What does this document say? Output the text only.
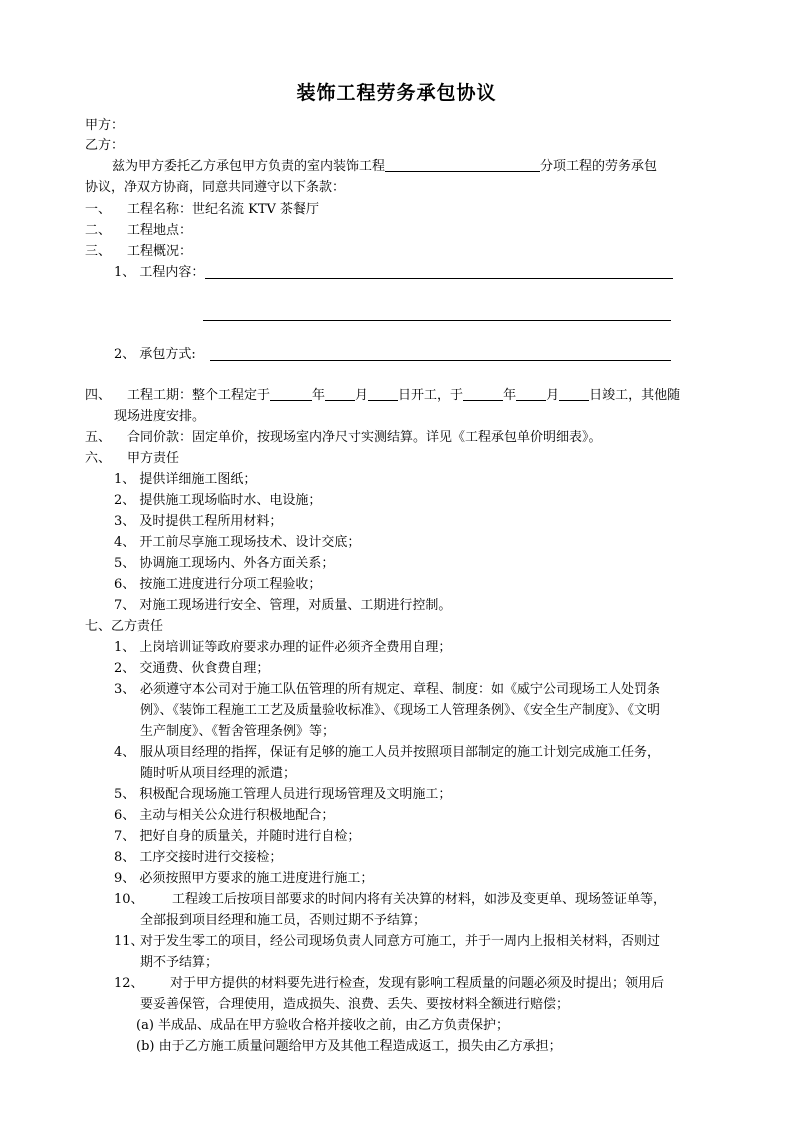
装饰工程劳务承包协议
甲方：
乙方：
兹为甲方委托乙方承包甲方负责的室内装饰工程	分项工程的劳务承包
协议，净双方协商，同意共同遵守以下条款：
一、 工程名称：世纪名流 KTV 茶餐厅
二、 工程地点：
三、 工程概况：
1、 工程内容：
2、 承包方式:
四、 工程工期：整个工程定于	年 月 日开工，于	年 月 日竣工，其他随
现场进度安排。
五、 合同价款：固定单价，按现场室内净尺寸实测结算。详见《工程承包单价明细表》。
六、 甲方责任
1、 提供详细施工图纸；
2、 提供施工现场临时水、电设施；
3、 及时提供工程所用材料；
4、 开工前尽享施工现场技术、设计交底；
5、 协调施工现场内、外各方面关系；
6、 按施工进度进行分项工程验收；
7、 对施工现场进行安全、管理，对质量、工期进行控制。
七、乙方责任
1、 上岗培训证等政府要求办理的证件必须齐全费用自理；
2、 交通费、伙食费自理；
3、 必须遵守本公司对于施工队伍管理的所有规定、章程、制度：如《威宁公司现场工人处罚条
例》、《装饰工程施工工艺及质量验收标准》、《现场工人管理条例》、《安全生产制度》、《文明
生产制度》、《暂舍管理条例》等；
4、 服从项目经理的指挥，保证有足够的施工人员并按照项目部制定的施工计划完成施工任务，
随时听从项目经理的派遣；
5、 积极配合现场施工管理人员进行现场管理及文明施工；
6、 主动与相关公众进行积极地配合；
7、 把好自身的质量关，并随时进行自检；
8、 工序交接时进行交接检；
9、 必须按照甲方要求的施工进度进行施工；
10、 工程竣工后按项目部要求的时间内将有关决算的材料，如涉及变更单、现场签证单等，
全部报到项目经理和施工员，否则过期不予结算；
11、
对于发生零工的项目，经公司现场负责人同意方可施工，并于一周内上报相关材料，否则过
期不予结算；
12、 对于甲方提供的材料要先进行检查，发现有影响工程质量的问题必须及时提出；领用后
要妥善保管，合理使用，造成损失、浪费、丢失、要按材料全额进行赔偿；
(a) 半成品、成品在甲方验收合格并接收之前，由乙方负责保护；
(b) 由于乙方施工质量问题给甲方及其他工程造成返工，损失由乙方承担；
